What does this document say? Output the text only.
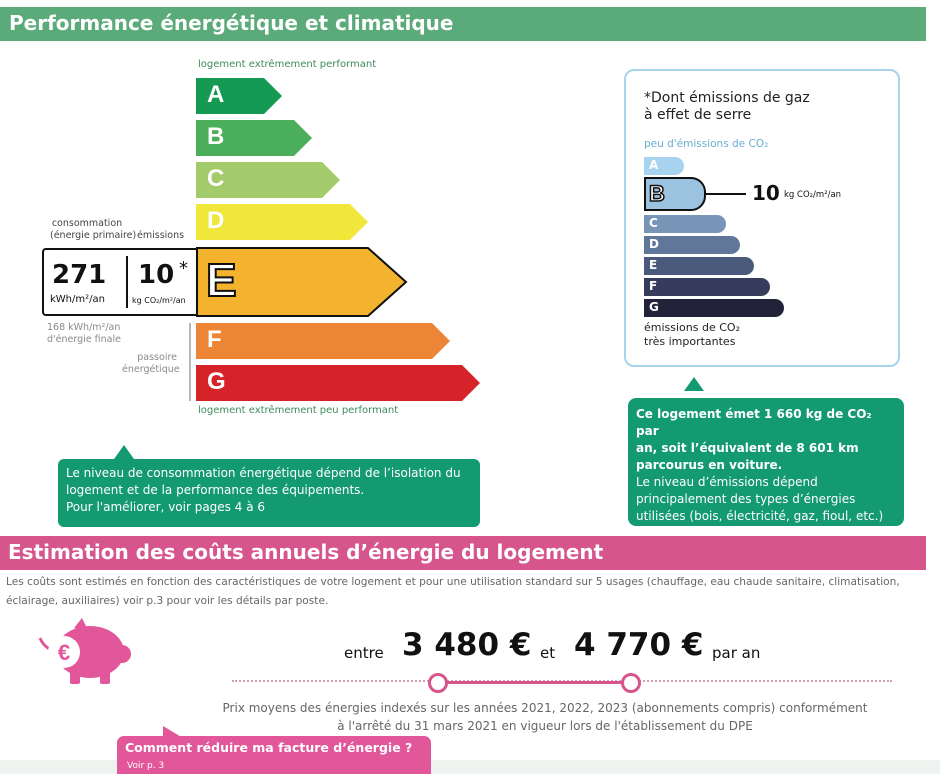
Performance énergétique et climatique
logement extrêmement performant
A
B
C
D
consommation
(énergie primaire) émissions
271
kWh/m²/an
10 *
kg CO₂/m²/an E
168 kWh/m²/an
d'énergie finale
passoire
énergétique
F
G
logement extrêmement peu performant

Le niveau de consommation énergétique dépend de l’isolation du

logement et de la performance des équipements.

Pour l'améliorer, voir pages 4 à 6

*Dont émissions de gaz
à effet de serre
peu d'émissions de CO₂
A
B	10 kg CO₂/m²/an
C
D
E
F
G
émissions de CO₂
très importantes

Ce logement émet 1 660 kg de CO₂ par

an, soit l’équivalent de 8 601 km

parcourus en voiture.

Le niveau d’émissions dépend

principalement des types d’énergies

utilisées (bois, électricité, gaz, fioul, etc.)

Estimation des coûts annuels d’énergie du logement
Les coûts sont estimés en fonction des caractéristiques de votre logement et pour une utilisation standard sur 5 usages (chauffage, eau chaude sanitaire, climatisation,
éclairage, auxiliaires) voir p.3 pour voir les détails par poste.
€	entre 3 480 € et 4 770 € par an
Prix moyens des énergies indexés sur les années 2021, 2022, 2023 (abonnements compris) conformément
à l'arrêté du 31 mars 2021 en vigueur lors de l'établissement du DPE
Comment réduire ma facture d’énergie ?
Voir p. 3
